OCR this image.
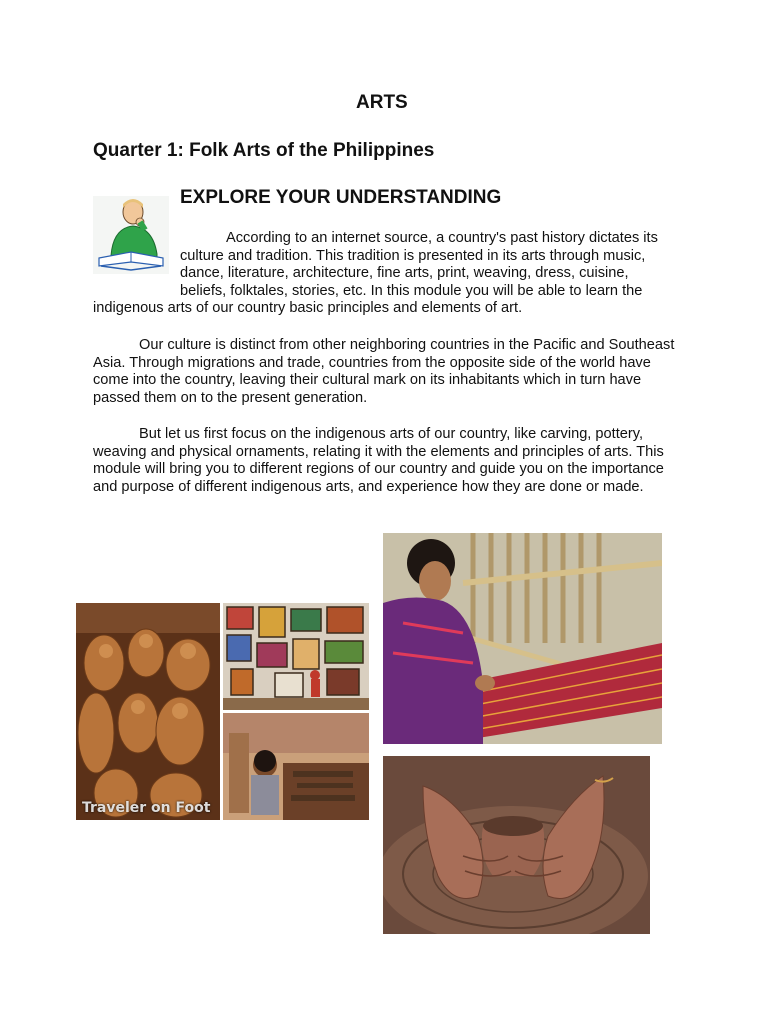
ARTS
Quarter 1: Folk Arts of the Philippines
EXPLORE YOUR UNDERSTANDING
According to an internet source, a country's past history dictates its culture and tradition. This tradition is presented in its arts through music, dance, literature, architecture, fine arts, print, weaving, dress, cuisine, beliefs, folktales, stories, etc. In this module you will be able to learn the indigenous arts of our country basic principles and elements of art.
Our culture is distinct from other neighboring countries in the Pacific and Southeast Asia. Through migrations and trade, countries from the opposite side of the world have come into the country, leaving their cultural mark on its inhabitants which in turn have passed them on to the present generation.
But let us first focus on the indigenous arts of our country, like carving, pottery, weaving and physical ornaments, relating it with the elements and principles of arts. This module will bring you to different regions of our country and guide you on the importance and purpose of different indigenous arts, and experience how they are done or made.
Traveler on Foot
